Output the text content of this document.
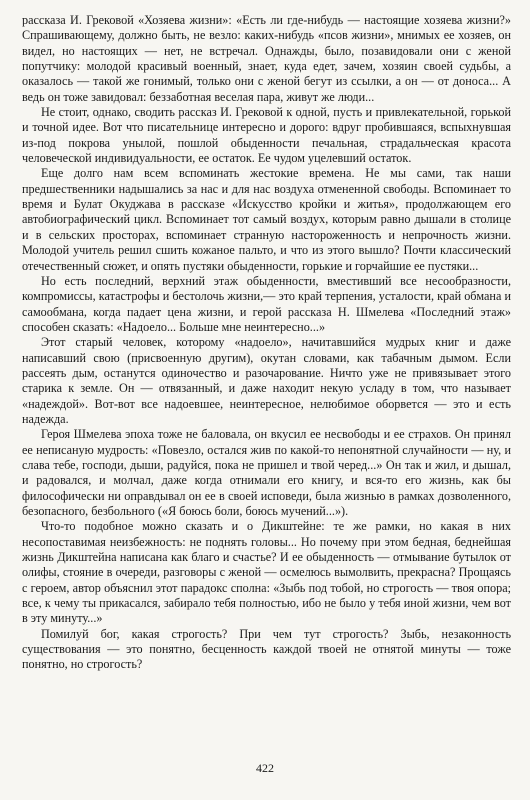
рассказа И. Грековой «Хозяева жизни»: «Есть ли где-нибудь — настоящие хозяева жизни?» Спрашивающему, должно быть, не везло: каких-нибудь «псов жизни», мнимых ее хозяев, он видел, но настоящих — нет, не встречал. Однажды, было, позавидовали они с женой попутчику: молодой красивый военный, знает, куда едет, зачем, хозяин своей судьбы, а оказалось — такой же гонимый, только они с женой бегут из ссылки, а он — от доноса... А ведь он тоже завидовал: беззаботная веселая пара, живут же люди...

Не стоит, однако, сводить рассказ И. Грековой к одной, пусть и привлекательной, горькой и точной идее. Вот что писательнице интересно и дорого: вдруг пробившаяся, вспыхнувшая из-под покрова унылой, пошлой обыденности печальная, страдальческая красота человеческой индивидуальности, ее остаток. Ее чудом уцелевший остаток.

Еще долго нам всем вспоминать жестокие времена. Не мы сами, так наши предшественники надышались за нас и для нас воздуха отмененной свободы. Вспоминает то время и Булат Окуджава в рассказе «Искусство кройки и житья», продолжающем его автобиографический цикл. Вспоминает тот самый воздух, которым равно дышали в столице и в сельских просторах, вспоминает странную настороженность и непрочность жизни. Молодой учитель решил сшить кожаное пальто, и что из этого вышло? Почти классический отечественный сюжет, и опять пустяки обыденности, горькие и горчайшие ее пустяки...

Но есть последний, верхний этаж обыденности, вместивший все несообразности, компромиссы, катастрофы и бестолочь жизни,— это край терпения, усталости, край обмана и самообмана, когда падает цена жизни, и герой рассказа Н. Шмелева «Последний этаж» способен сказать: «Надоело... Больше мне неинтересно...»

Этот старый человек, которому «надоело», начитавшийся мудрых книг и даже написавший свою (присвоенную другим), окутан словами, как табачным дымом. Если рассеять дым, останутся одиночество и разочарование. Ничто уже не привязывает этого старика к земле. Он — отвязанный, и даже находит некую усладу в том, что называет «надеждой». Вот-вот все надоевшее, неинтересное, нелюбимое оборвется — это и есть надежда.

Героя Шмелева эпоха тоже не баловала, он вкусил ее несвободы и ее страхов. Он принял ее неписаную мудрость: «Повезло, остался жив по какой-то непонятной случайности — ну, и слава тебе, господи, дыши, радуйся, пока не пришел и твой черед...» Он так и жил, и дышал, и радовался, и молчал, даже когда отнимали его книгу, и вся-то его жизнь, как бы философически ни оправдывал он ее в своей исповеди, была жизнью в рамках дозволенного, безопасного, безбольного («Я боюсь боли, боюсь мучений...»).

Что-то подобное можно сказать и о Дикштейне: те же рамки, но какая в них несопоставимая неизбежность: не поднять головы... Но почему при этом бедная, беднейшая жизнь Дикштейна написана как благо и счастье? И ее обыденность — отмывание бутылок от олифы, стояние в очереди, разговоры с женой — осмелюсь вымолвить, прекрасна? Прощаясь с героем, автор объяснил этот парадокс сполна: «Зыбь под тобой, но строгость — твоя опора; все, к чему ты прикасался, забирало тебя полностью, ибо не было у тебя иной жизни, чем вот в эту минуту...»

Помилуй бог, какая строгость? При чем тут строгость? Зыбь, незаконность существования — это понятно, бесценность каждой твоей не отнятой минуты — тоже понятно, но строгость?

422
